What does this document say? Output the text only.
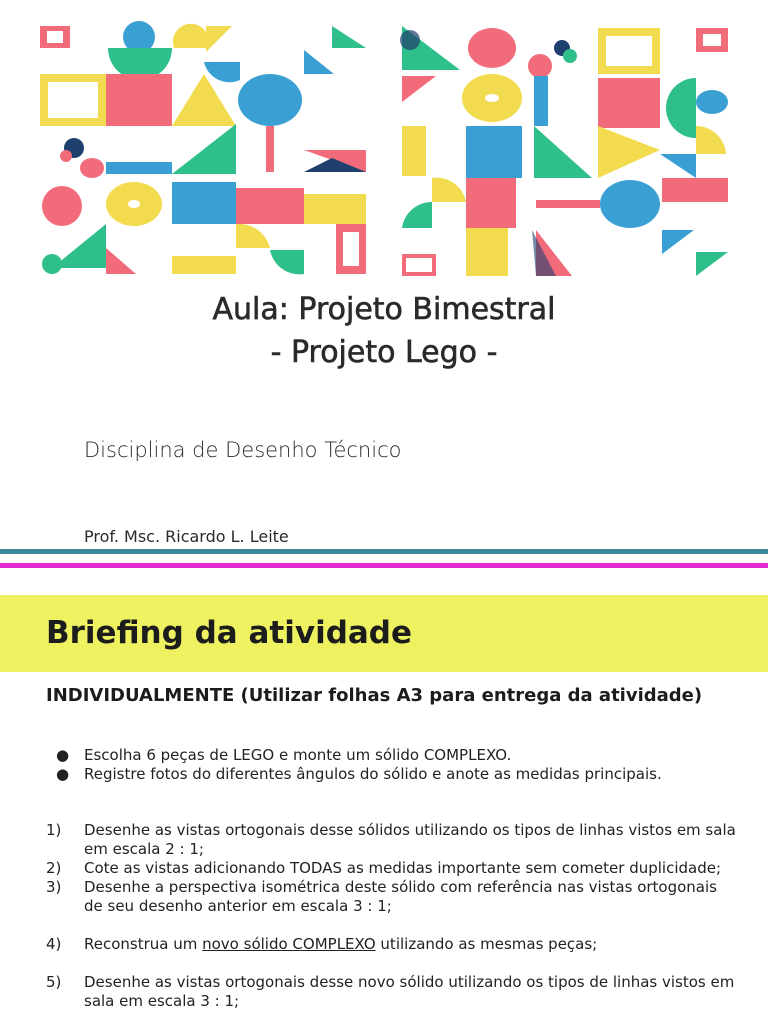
Aula: Projeto Bimestral
- Projeto Lego -
Disciplina de Desenho Técnico
Prof. Msc. Ricardo L. Leite
Briefing da atividade
INDIVIDUALMENTE (Utilizar folhas A3 para entrega da atividade)
● Escolha 6 peças de LEGO e monte um sólido COMPLEXO.
● Registre fotos do diferentes ângulos do sólido e anote as medidas principais.
1)	Desenhe as vistas ortogonais desse sólidos utilizando os tipos de linhas vistos em sala em escala 2 : 1;
2)	Cote as vistas adicionando TODAS as medidas importante sem cometer duplicidade;
3)	Desenhe a perspectiva isométrica deste sólido com referência nas vistas ortogonais de seu desenho anterior em escala 3 : 1;
4)	Reconstrua um novo sólido COMPLEXO utilizando as mesmas peças;
5)	Desenhe as vistas ortogonais desse novo sólido utilizando os tipos de linhas vistos em sala em escala 3 : 1;
